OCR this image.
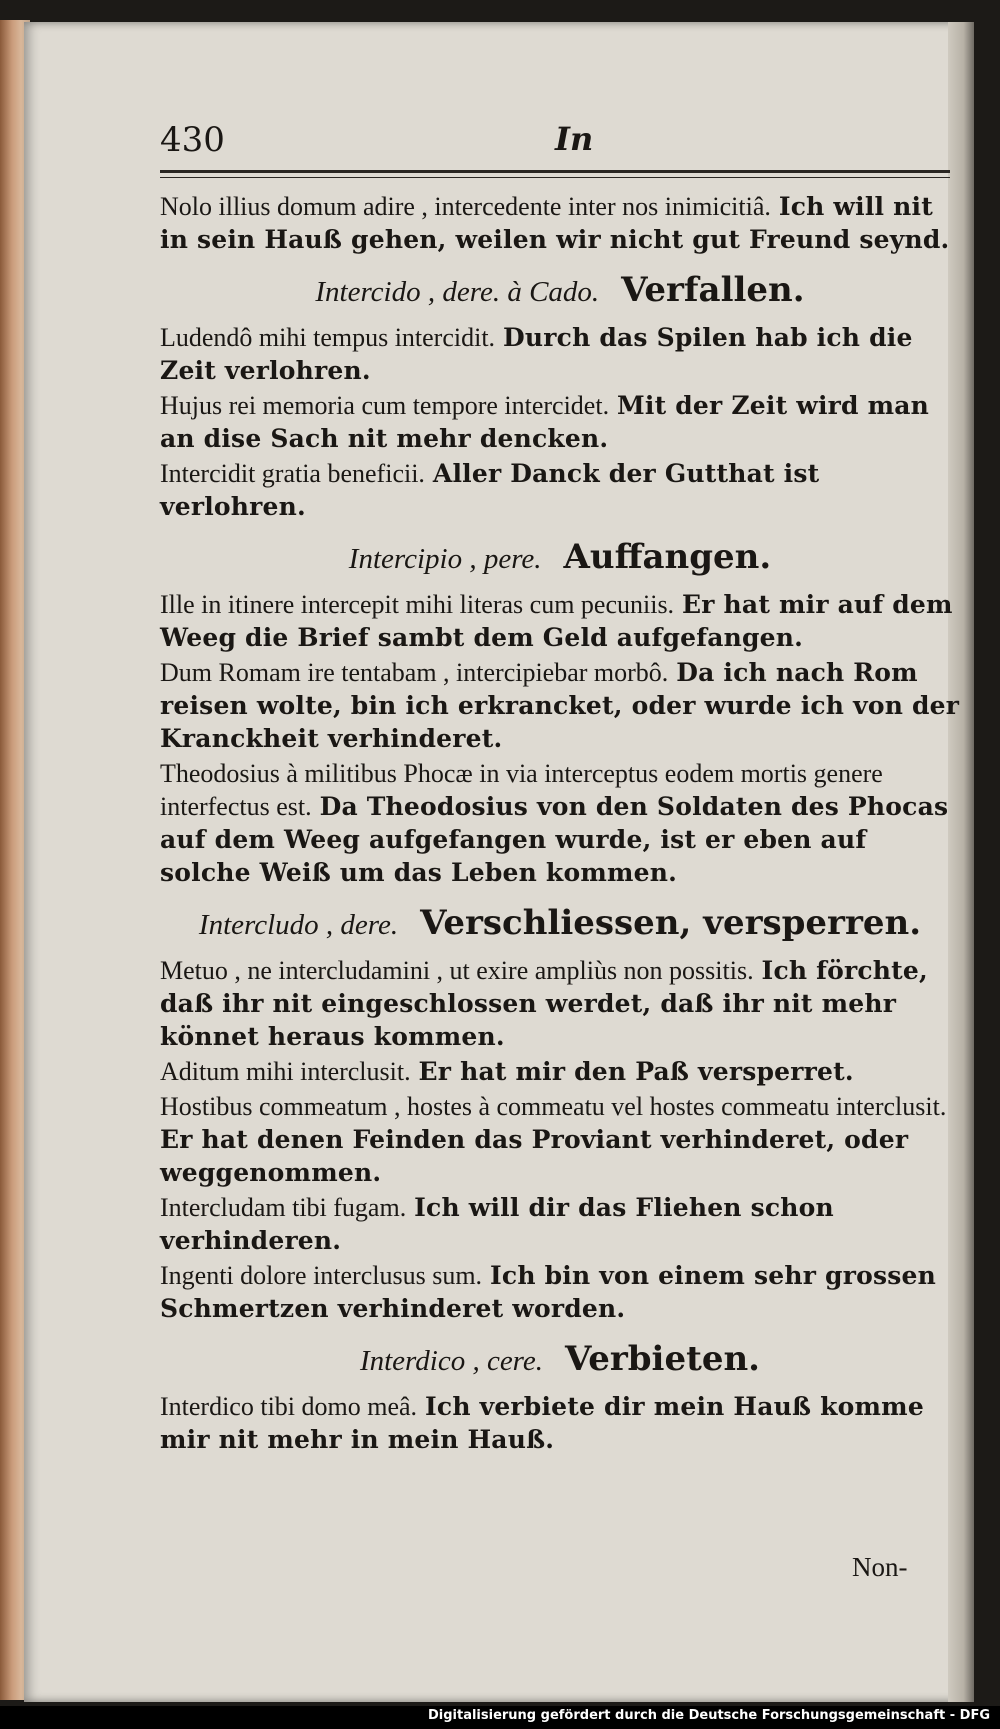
430	In
Nolo illius domum adire , intercedente inter nos inimicitiâ. Ich will nit in sein Hauß gehen, weilen wir nicht gut Freund seynd.
Intercido , dere. à Cado. Verfallen.
Ludendô mihi tempus intercidit. Durch das Spilen hab ich die Zeit verlohren.
Hujus rei memoria cum tempore intercidet. Mit der Zeit wird man an dise Sach nit mehr dencken.
Intercidit gratia beneficii. Aller Danck der Gutthat ist verlohren.
Intercipio , pere. Auffangen.
Ille in itinere intercepit mihi literas cum pecuniis. Er hat mir auf dem Weeg die Brief sambt dem Geld aufgefangen.
Dum Romam ire tentabam , intercipiebar morbô. Da ich nach Rom reisen wolte, bin ich erkrancket, oder wurde ich von der Kranckheit verhinderet.
Theodosius à militibus Phocæ in via interceptus eodem mortis genere interfectus est. Da Theodosius von den Soldaten des Phocas auf dem Weeg aufgefangen wurde, ist er eben auf solche Weiß um das Leben kommen.
Intercludo , dere. Verschliessen, versperren.
Metuo , ne intercludamini , ut exire ampliùs non possitis. Ich förchte, daß ihr nit eingeschlossen werdet, daß ihr nit mehr könnet heraus kommen.
Aditum mihi interclusit. Er hat mir den Paß versperret.
Hostibus commeatum , hostes à commeatu vel hostes commeatu interclusit. Er hat denen Feinden das Proviant verhinderet, oder weggenommen.
Intercludam tibi fugam. Ich will dir das Fliehen schon verhinderen.
Ingenti dolore interclusus sum. Ich bin von einem sehr grossen Schmertzen verhinderet worden.
Interdico , cere. Verbieten.
Interdico tibi domo meâ. Ich verbiete dir mein Hauß komme mir nit mehr in mein Hauß.
Non-
Digitalisierung gefördert durch die Deutsche Forschungsgemeinschaft - DFG
